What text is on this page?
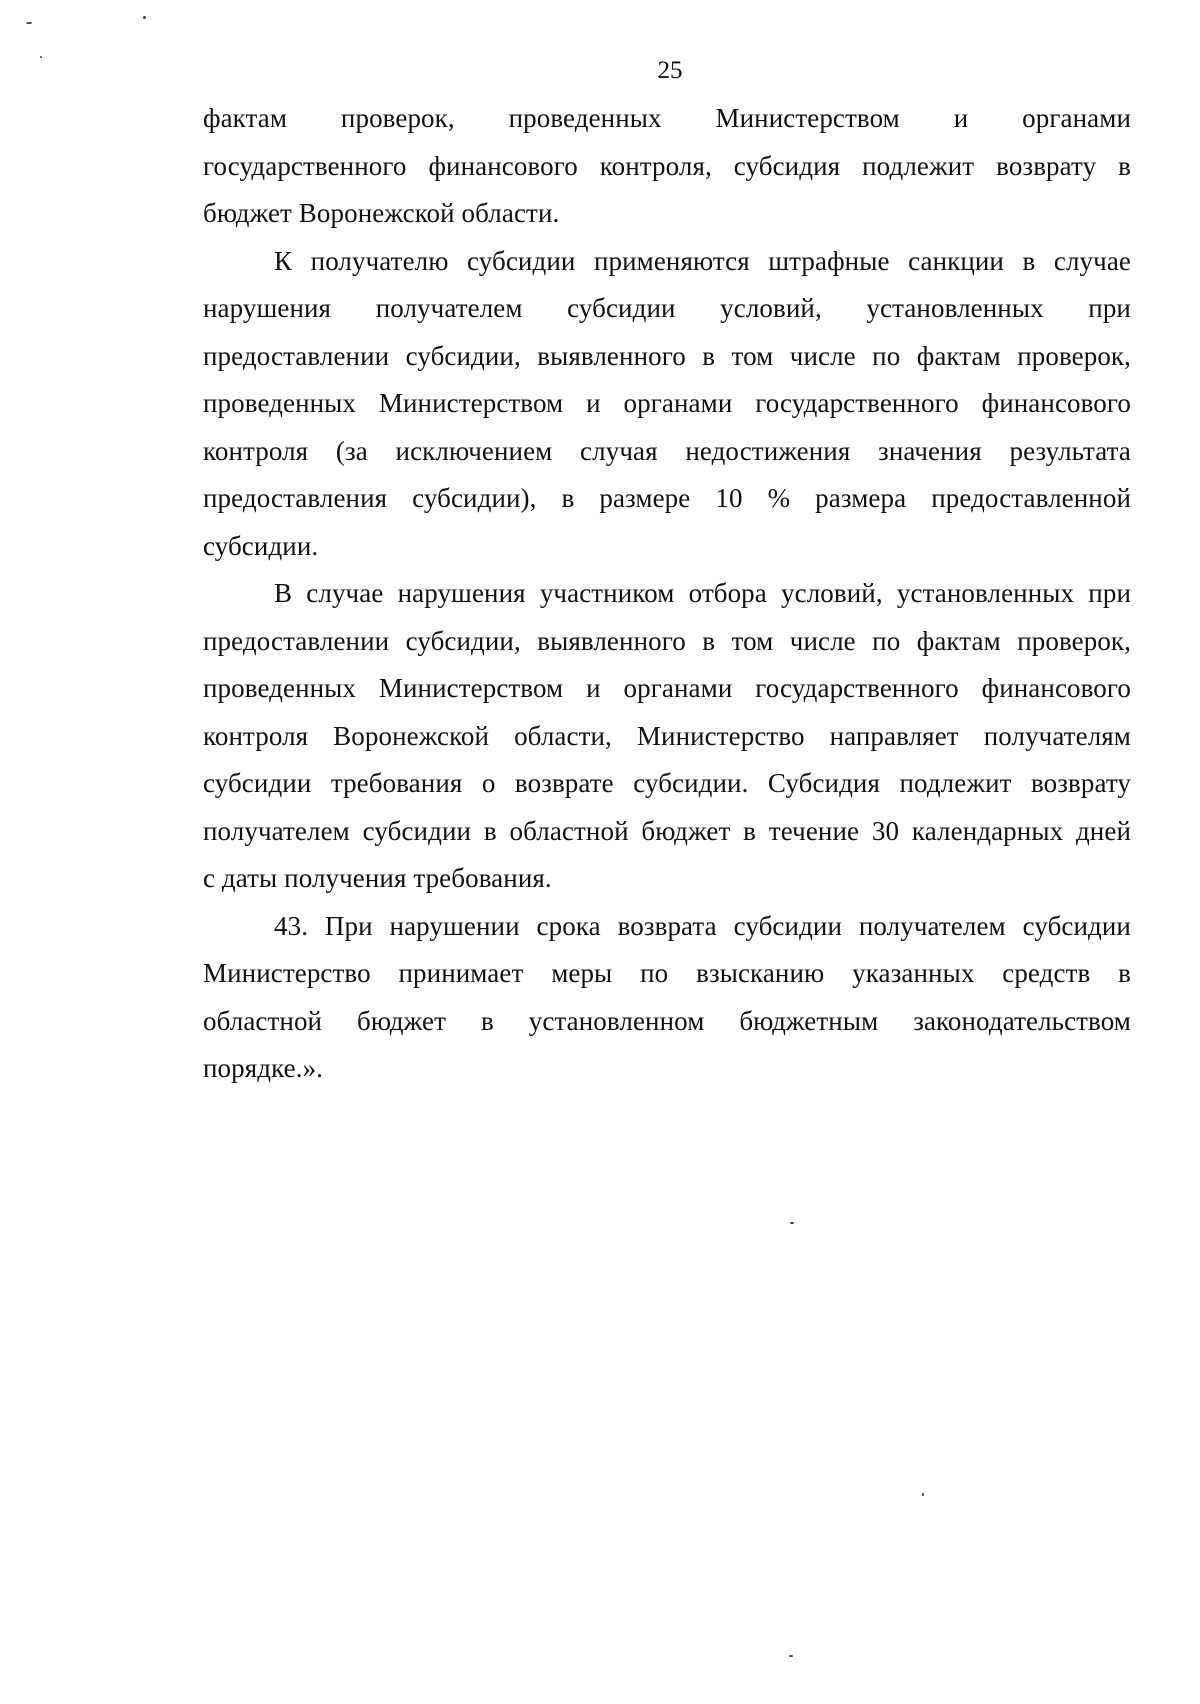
25

фактам проверок, проведенных Министерством и органами
государственного финансового контроля, субсидия подлежит возврату в
бюджет Воронежской области.

К получателю субсидии применяются штрафные санкции в случае
нарушения получателем субсидии условий, установленных при
предоставлении субсидии, выявленного в том числе по фактам проверок,
проведенных Министерством и органами государственного финансового
контроля (за исключением случая недостижения значения результата
предоставления субсидии), в размере 10 % размера предоставленной
субсидии.

В случае нарушения участником отбора условий, установленных при
предоставлении субсидии, выявленного в том числе по фактам проверок,
проведенных Министерством и органами государственного финансового
контроля Воронежской области, Министерство направляет получателям
субсидии требования о возврате субсидии. Субсидия подлежит возврату
получателем субсидии в областной бюджет в течение 30 календарных дней
с даты получения требования.

43. При нарушении срока возврата субсидии получателем субсидии
Министерство принимает меры по взысканию указанных средств в
областной бюджет в установленном бюджетным законодательством
порядке.».
